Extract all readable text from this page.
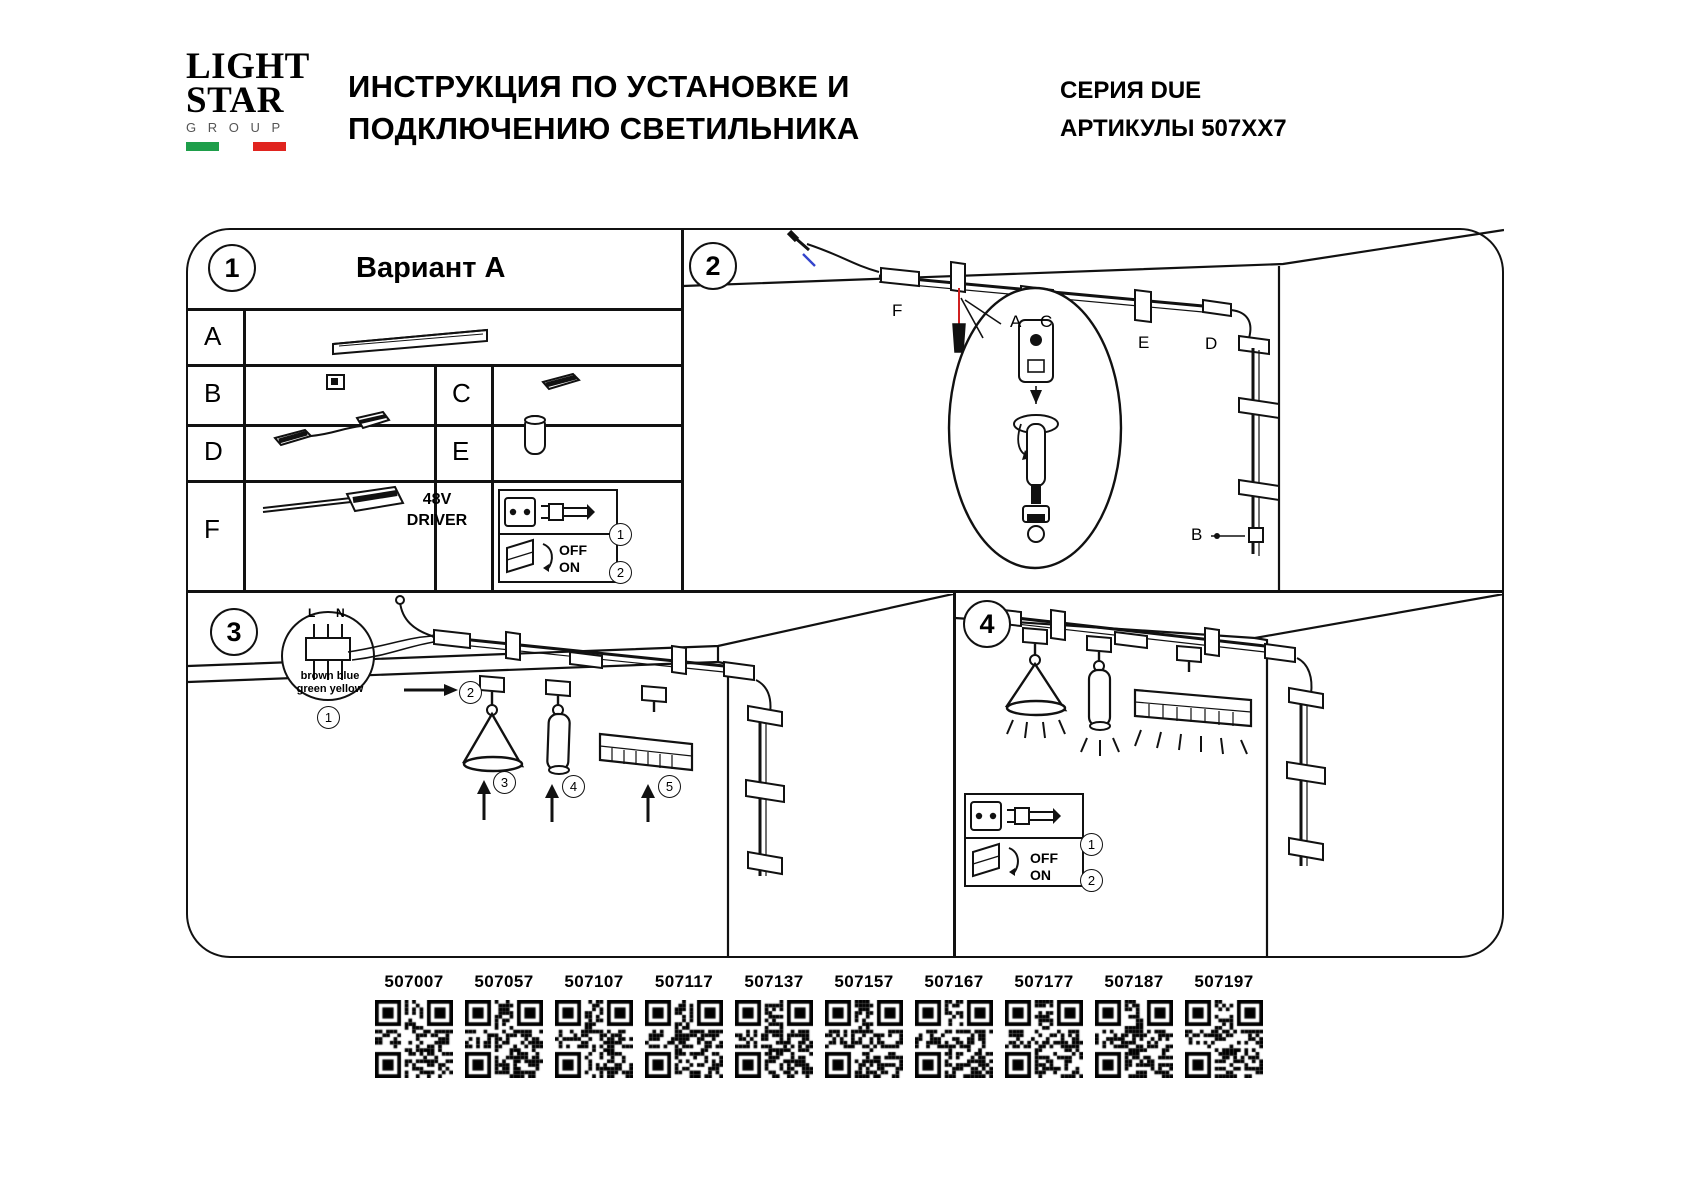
LIGHT
STAR
G R O U P
ИНСТРУКЦИЯ ПО УСТАНОВКЕ И ПОДКЛЮЧЕНИЮ СВЕТИЛЬНИКА
СЕРИЯ DUE
АРТИКУЛЫ 507XX7
1	Вариант A
A
B	C
D	E
F
48V
DRIVER
1
OFF
ON	2
2
F
A C
E	D
B
3
L N
brown blue
green yellow
1
2
3	4	5
4
1
OFF
ON	2
507007	507057	507107	507117	507137	507157	507167	507177	507187	507197
